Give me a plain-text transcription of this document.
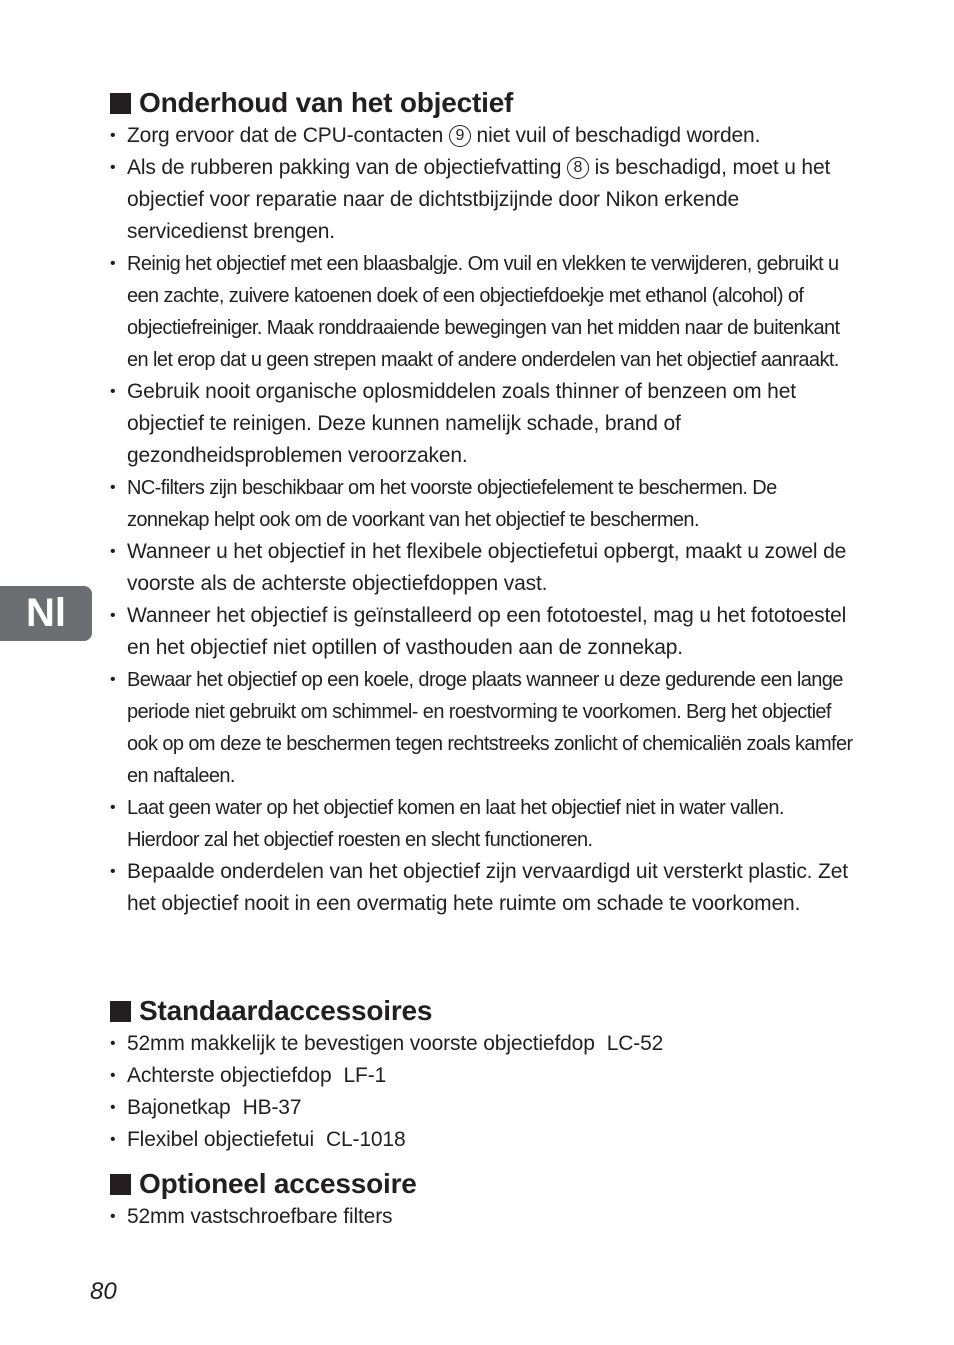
Onderhoud van het objectief
• Zorg ervoor dat de CPU-contacten 9 niet vuil of beschadigd worden.
• Als de rubberen pakking van de objectiefvatting 8 is beschadigd, moet u het objectief voor reparatie naar de dichtstbijzijnde door Nikon erkende servicedienst brengen.
• Reinig het objectief met een blaasbalgje. Om vuil en vlekken te verwijderen, gebruikt u een zachte, zuivere katoenen doek of een objectiefdoekje met ethanol (alcohol) of objectiefreiniger. Maak ronddraaiende bewegingen van het midden naar de buitenkant en let erop dat u geen strepen maakt of andere onderdelen van het objectief aanraakt.
• Gebruik nooit organische oplosmiddelen zoals thinner of benzeen om het objectief te reinigen. Deze kunnen namelijk schade, brand of gezondheidsproblemen veroorzaken.
• NC-filters zijn beschikbaar om het voorste objectiefelement te beschermen. De zonnekap helpt ook om de voorkant van het objectief te beschermen.
• Wanneer u het objectief in het flexibele objectiefetui opbergt, maakt u zowel de voorste als de achterste objectiefdoppen vast.
• Wanneer het objectief is geïnstalleerd op een fototoestel, mag u het fototoestel en het objectief niet optillen of vasthouden aan de zonnekap.
• Bewaar het objectief op een koele, droge plaats wanneer u deze gedurende een lange periode niet gebruikt om schimmel- en roestvorming te voorkomen. Berg het objectief ook op om deze te beschermen tegen rechtstreeks zonlicht of chemicaliën zoals kamfer en naftaleen.
• Laat geen water op het objectief komen en laat het objectief niet in water vallen. Hierdoor zal het objectief roesten en slecht functioneren.
• Bepaalde onderdelen van het objectief zijn vervaardigd uit versterkt plastic. Zet het objectief nooit in een overmatig hete ruimte om schade te voorkomen.
Standaardaccessoires
• 52mm makkelijk te bevestigen voorste objectiefdop LC-52
• Achterste objectiefdop LF-1
• Bajonetkap HB-37
• Flexibel objectiefetui CL-1018
Optioneel accessoire
• 52mm vastschroefbare filters
Nl
80
